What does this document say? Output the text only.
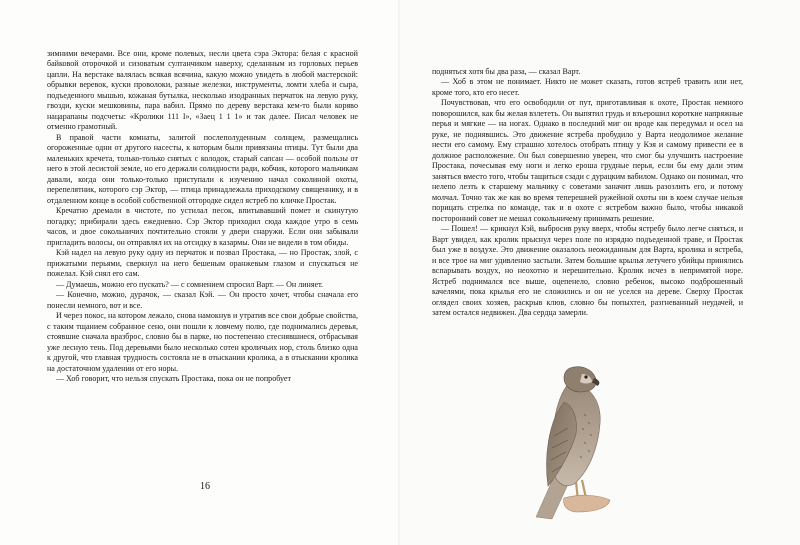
зимними вечерами. Все они, кроме полевых, несли цвета сэра Эктора: белая с красной байковой оторочкой и сизоватым султанчиком наверху, сделанным из горловых перьев цапли. На верстаке валялась всякая всячина, какую можно увидеть в любой мастерской: обрывки веревок, куски проволоки, разные железки, инструменты, ломти хлеба и сыра, подъеденного мышью, кожаная бутылка, несколько изодранных перчаток на левую руку, гвозди, куски мешковины, пара вабил. Прямо по дереву верстака кем-то были корявo нацарапаны подсчеты: «Кролики 111 I», «Заец 1 1 1» и так далее. Писал человек не отменно грамотный.

В правой части комнаты, залитой послеполуденным солнцем, размещались огороженные одни от другого насесты, к которым были привязаны птицы. Тут были два маленьких кречета, только-только снятых с колодок, старый сапсан — особой пользы от него в этой лесистой земле, но его держали солидности ради, кобчик, которого мальчикам давали, когда они только-только приступали к изучению начал соколиной охоты, перепелятник, которого сэр Эктор, — птица принадлежала приходскому священнику, и в отдаленном конце в особой собственной отгородке сидел ястреб по кличке Простак.

Кречатно дремали в чистоте, по устилал песок, впитывавший помет и скинутую погадку; прибирали здесь ежедневно. Сэр Эктор приходил сюда каждое утро в семь часов, и двое сокольничих почтительно стояли у двери снаружи. Если они забывали пригладить волосы, он отправлял их на отсидку в казармы. Они не видели в том обиды.

Кэй надел на левую руку одну из перчаток и позвал Простака, — но Простак, злой, с прижатыми перьями, сверкнул на него бешеным оранжевым глазом и спускаться не пожелал. Кэй снял его сам.

— Думаешь, можно его пускать? — с сомнением спросил Варт. — Он линяет.

— Конечно, можно, дурачок, — сказал Кэй. — Он просто хочет, чтобы сначала его понесли немного, вот и все.

И через покос, на котором лежало, снова намокнув и утратив все свои добрые свойства, с таким тщанием собранное сено, они пошли к ловчему полю, где поднимались деревья, стоявшие сначала вразброс, словно бы в парке, но постепенно стеснявшиеся, отбрасывая уже лесную тень. Под деревьями было несколько сотен кроличьих нор, столь близко одна к другой, что главная трудность состояла не в отыскании кролика, а в отыскании кролика на достаточном удалении от его норы.

— Хоб говорит, что нельзя спускать Простака, пока он не попробует

16

подняться хотя бы два раза, — сказал Варт.

— Хоб в этом не понимает. Никто не может сказать, готов ястреб травить или нет, кроме того, кто его несет.

Почувствовав, что его освободили от пут, приготавливая к охоте, Простак немного поворошился, как бы желая взлететь. Он выпятил грудь и взъерошил короткие напряжные перья и мягкие — на ногах. Однако в последний миг он вроде как передумал и осел на руке, не поднявшись. Это движение ястреба пробудило у Варта неодолимое желание нести его самому. Ему страшно хотелось отобрать птицу у Кэя и самому привести ее в должное расположение. Он был совершенно уверен, что смог бы улучшить настроение Простака, почесывая ему ноги и легко ероша грудные перья, если бы ему дали этим заняться вместо того, чтобы тащиться сзади с дурацким вабилом. Однако он понимал, что нелепо лезть к старшему мальчику с советами заначит лишь разозлить его, и потому молчал. Точно так же как во время теперешней ружейной охоты ни в коем случае нельзя порицать стрелка по команде, так и в охоте с ястребом важно было, чтобы никакой посторонний совет не мешал сокольничему принимать решение.

— Пошел! — крикнул Кэй, выбросив руку вверх, чтобы ястребу было легче сняться, и Варт увидел, как кролик прыснул через поле по изрядно подъеденной траве, и Простак был уже в воздухе. Это движение оказалось неожиданным для Варта, кролика и ястреба, и все трое на миг удивленно застыли. Затем большие крылья летучего убийцы принялись вспарывать воздух, но неохотно и нерешительно. Кролик исчез в непримятой норе. Ястреб поднимался все выше, оцепенело, словно ребенок, высоко подброшенный качелями, пока крылья его не сложились и он не уселся на дереве. Сверху Простак оглядел своих хозяев, раскрыв клюв, словно бы попыхтел, разгневанный неудачей, и затем остался недвижен. Два сердца замерли.
